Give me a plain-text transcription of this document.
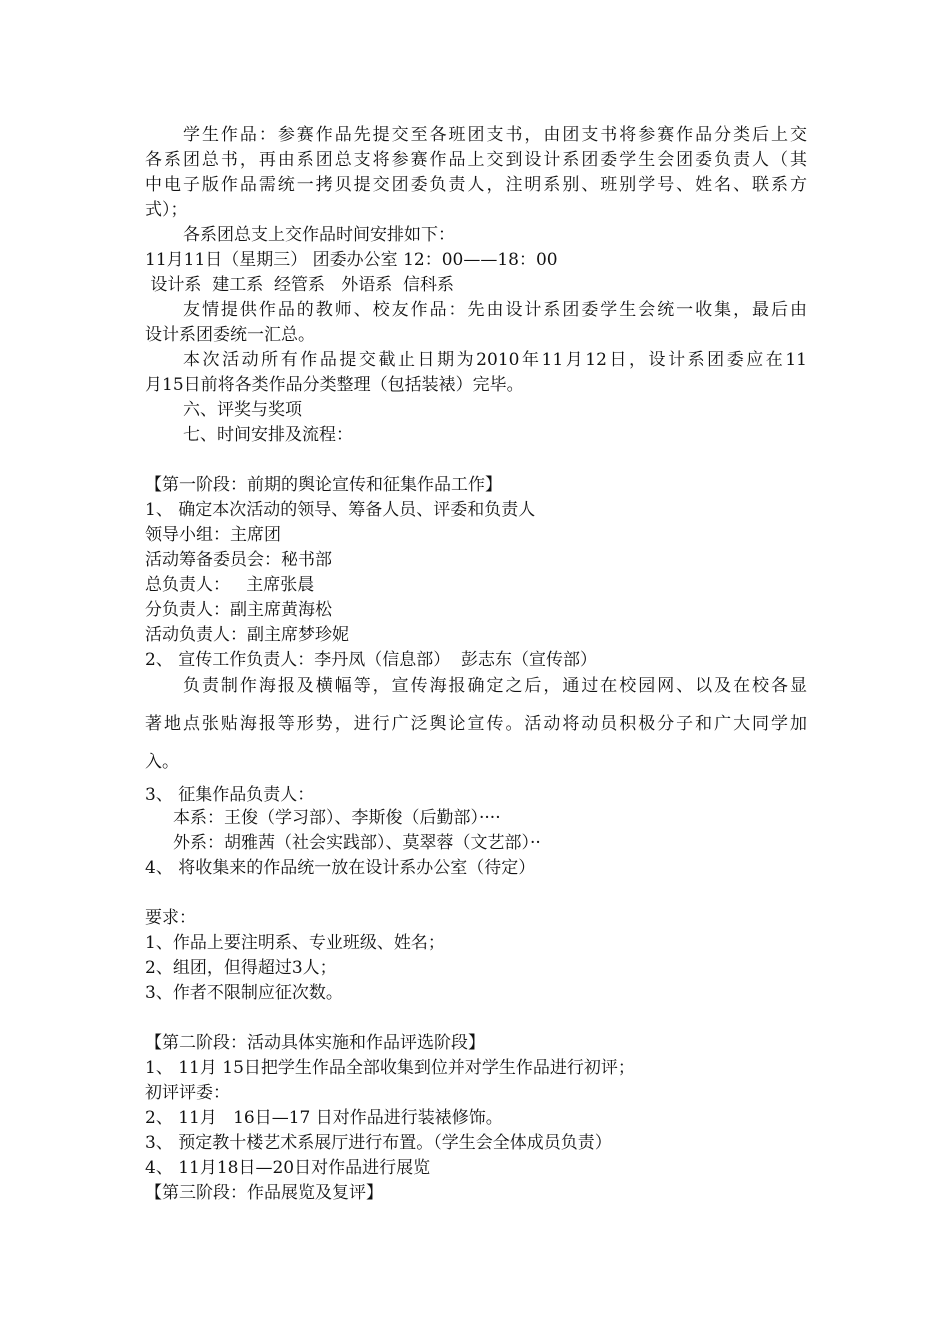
学生作品：参赛作品先提交至各班团支书，由团支书将参赛作品分类后上交
各系团总书，再由系团总支将参赛作品上交到设计系团委学生会团委负责人（其
中电子版作品需统一拷贝提交团委负责人，注明系别、班别学号、姓名、联系方
式）；
各系团总支上交作品时间安排如下：
11月11日（星期三） 团委办公室 12：00——18：00
设计系  建工系  经管系   外语系  信科系
友情提供作品的教师、校友作品：先由设计系团委学生会统一收集，最后由
设计系团委统一汇总。
本次活动所有作品提交截止日期为2010年11月12日，设计系团委应在11
月15日前将各类作品分类整理（包括装裱）完毕。
六、评奖与奖项
七、时间安排及流程：
【第一阶段：前期的舆论宣传和征集作品工作】
1、 确定本次活动的领导、筹备人员、评委和负责人
领导小组：主席团
活动筹备委员会：秘书部
总负责人：   主席张晨
分负责人：副主席黄海松
活动负责人：副主席梦珍妮
2、 宣传工作负责人：李丹凤（信息部）  彭志东（宣传部）
负责制作海报及横幅等，宣传海报确定之后，通过在校园网、以及在校各显
著地点张贴海报等形势，进行广泛舆论宣传。活动将动员积极分子和广大同学加
入。
3、 征集作品负责人：
本系：王俊（学习部）、李斯俊（后勤部）····
外系：胡雅茜（社会实践部）、莫翠蓉（文艺部）··
4、 将收集来的作品统一放在设计系办公室（待定）
要求：
1、作品上要注明系、专业班级、姓名；
2、组团，但得超过3人；
3、作者不限制应征次数。
【第二阶段：活动具体实施和作品评选阶段】
1、 11月 15日把学生作品全部收集到位并对学生作品进行初评；
初评评委：
2、 11月   16日—17 日对作品进行装裱修饰。
3、 预定教十楼艺术系展厅进行布置。（学生会全体成员负责）
4、 11月18日—20日对作品进行展览
【第三阶段：作品展览及复评】
